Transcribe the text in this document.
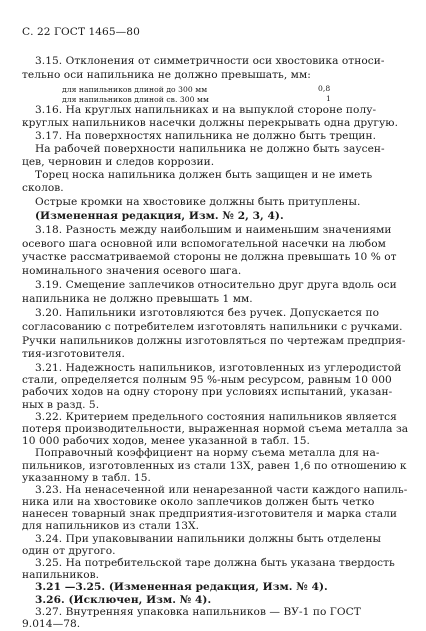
С. 22 ГОСТ 1465—80
3.15. Отклонения от симметричности оси хвостовика относи-
тельно оси напильника не должно превышать, мм:
для напильников длиной до 300 мм	0,8
для напильников длиной св. 300 мм	1
3.16. На круглых напильниках и на выпуклой стороне полу-
круглых напильников насечки должны перекрывать одна другую.
3.17. На поверхностях напильника не должно быть трещин.
На рабочей поверхности напильника не должно быть заусен-
цев, черновин и следов коррозии.
Торец носка напильника должен быть защищен и не иметь
сколов.
Острые кромки на хвостовике должны быть притуплены.
(Измененная редакция, Изм. № 2, 3, 4).
3.18. Разность между наибольшим и наименьшим значениями
осевого шага основной или вспомогательной насечки на любом
участке рассматриваемой стороны не должна превышать 10 % от
номинального значения осевого шага.
3.19. Смещение заплечиков относительно друг друга вдоль оси
напильника не должно превышать 1 мм.
3.20. Напильники изготовляются без ручек. Допускается по
согласованию с потребителем изготовлять напильники с ручками.
Ручки напильников должны изготовляться по чертежам предприя-
тия-изготовителя.
3.21. Надежность напильников, изготовленных из углеродистой
стали, определяется полным 95 %-ным ресурсом, равным 10 000
рабочих ходов на одну сторону при условиях испытаний, указан-
ных в разд. 5.
3.22. Критерием предельного состояния напильников является
потеря производительности, выраженная нормой съема металла за
10 000 рабочих ходов, менее указанной в табл. 15.
Поправочный коэффициент на норму съема металла для на-
пильников, изготовленных из стали 13Х, равен 1,6 по отношению к
указанному в табл. 15.
3.23. На ненасеченной или ненарезанной части каждого напиль-
ника или на хвостовике около заплечиков должен быть четко
нанесен товарный знак предприятия-изготовителя и марка стали
для напильников из стали 13Х.
3.24. При упаковывании напильники должны быть отделены
один от другого.
3.25. На потребительской таре должна быть указана твердость
напильников.
3.21 —3.25. (Измененная редакция, Изм. № 4).
3.26. (Исключен, Изм. № 4).
3.27. Внутренняя упаковка напильников — ВУ-1 по ГОСТ
9.014—78.
